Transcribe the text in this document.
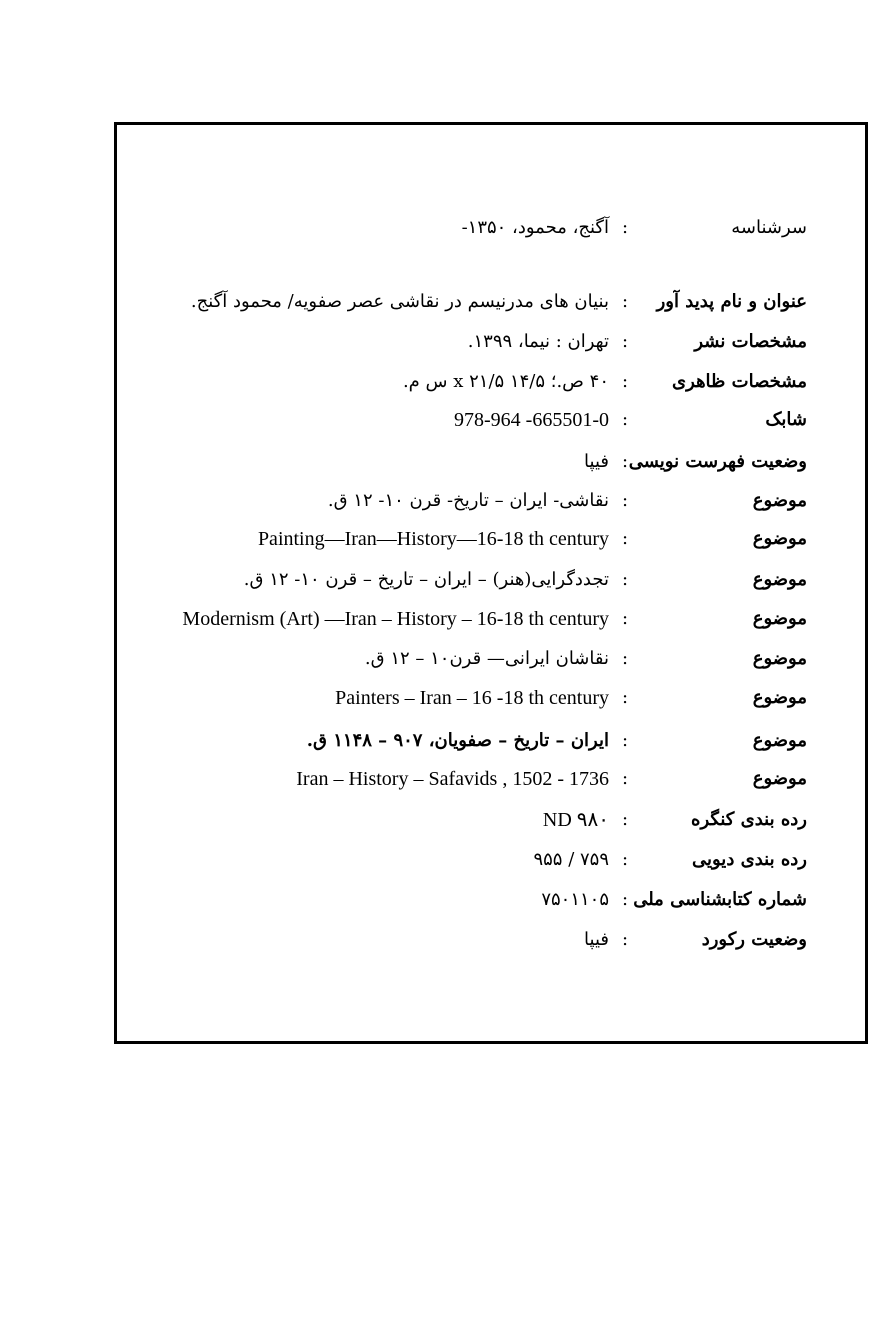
سرشناسه
:
آگنج، محمود، ۱۳۵۰-
عنوان و نام پدید آور
:
بنیان های مدرنیسم در نقاشی عصر صفویه/ محمود آگنج.
مشخصات نشر
:
تهران : نیما، ۱۳۹۹.
مشخصات ظاهری
:
۴۰ ص.؛ ۱۴/۵ x ۲۱/۵ س م.
شابک
:
978-964 -665501-0
وضعیت فهرست نویسی
:
فیپا
موضوع
:
نقاشی- ایران – تاریخ- قرن ۱۰- ۱۲ ق.
موضوع
:
Painting—Iran—History—16-18 th century
موضوع
:
تجددگرایی(هنر) – ایران – تاریخ – قرن ۱۰- ۱۲ ق.
موضوع
:
Modernism (Art) —Iran – History – 16-18 th century
موضوع
:
نقاشان ایرانی— قرن۱۰ – ۱۲ ق.
موضوع
:
Painters – Iran – 16 -18 th century
موضوع
:
ایران – تاریخ – صفویان، ۹۰۷ – ۱۱۴۸ ق.
موضوع
:
Iran – History – Safavids , 1502 - 1736
رده بندی کنگره
:
ND ۹۸۰
رده بندی دیویی
:
۷۵۹ / ۹۵۵
شماره کتابشناسی ملی
:
۷۵۰۱۱۰۵
وضعیت رکورد
:
فیپا
